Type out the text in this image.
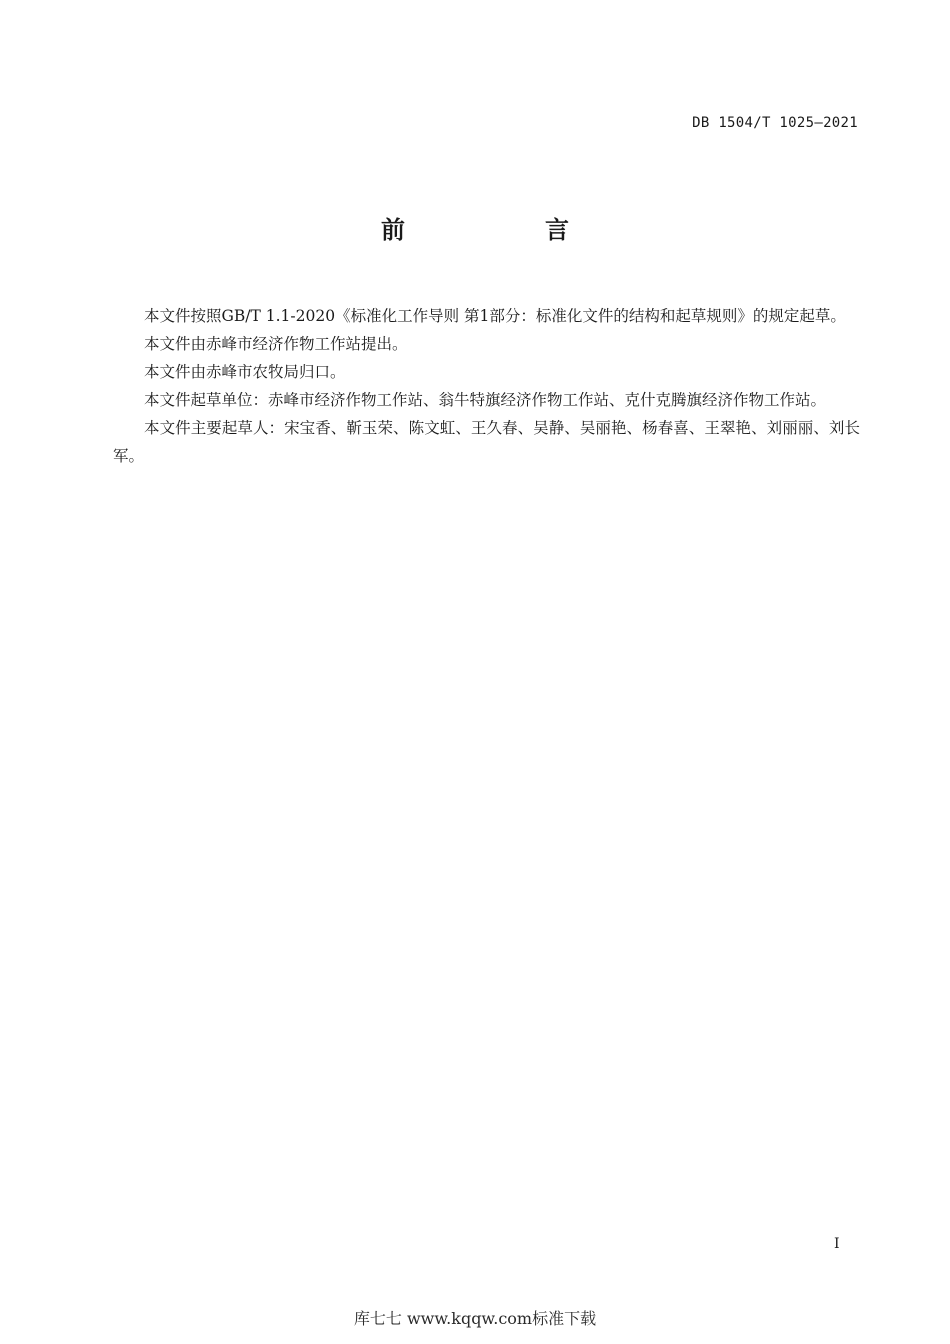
DB 1504/T 1025—2021
前　言

本文件按照GB/T 1.1-2020《标准化工作导则 第1部分：标准化文件的结构和起草规则》的规定起草。

本文件由赤峰市经济作物工作站提出。

本文件由赤峰市农牧局归口。

本文件起草单位：赤峰市经济作物工作站、翁牛特旗经济作物工作站、克什克腾旗经济作物工作站。

本文件主要起草人：宋宝香、靳玉荣、陈文虹、王久春、吴静、吴丽艳、杨春喜、王翠艳、刘丽丽、刘长军。

I
库七七 www.kqqw.com标准下载
